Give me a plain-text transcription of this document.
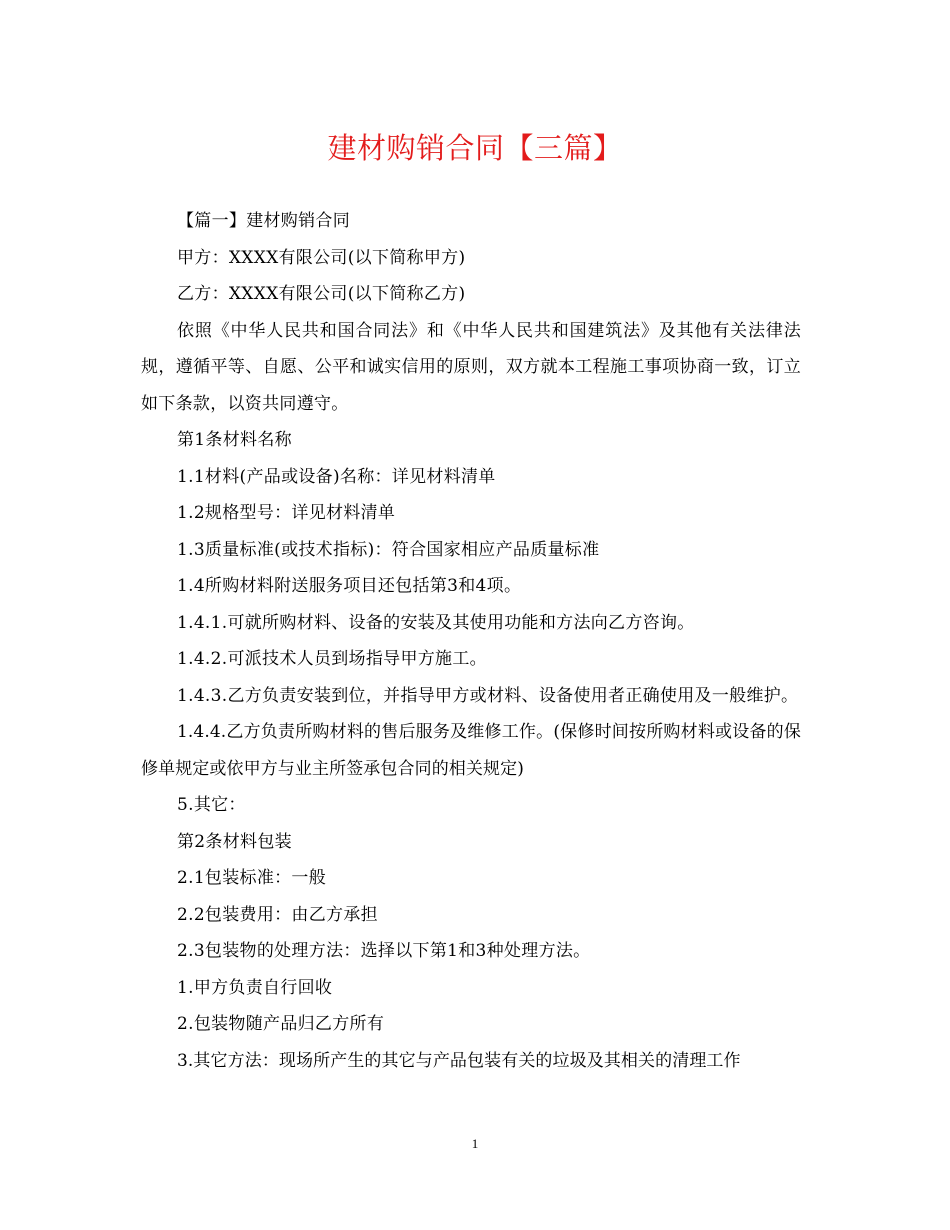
建材购销合同【三篇】

【篇一】建材购销合同

甲方：XXXX有限公司(以下简称甲方)

乙方：XXXX有限公司(以下简称乙方)

依照《中华人民共和国合同法》和《中华人民共和国建筑法》及其他有关法律法规，遵循平等、自愿、公平和诚实信用的原则，双方就本工程施工事项协商一致，订立如下条款，以资共同遵守。

第1条材料名称

1.1材料(产品或设备)名称：详见材料清单

1.2规格型号：详见材料清单

1.3质量标准(或技术指标)：符合国家相应产品质量标准

1.4所购材料附送服务项目还包括第3和4项。

1.4.1.可就所购材料、设备的安装及其使用功能和方法向乙方咨询。

1.4.2.可派技术人员到场指导甲方施工。

1.4.3.乙方负责安装到位，并指导甲方或材料、设备使用者正确使用及一般维护。

1.4.4.乙方负责所购材料的售后服务及维修工作。(保修时间按所购材料或设备的保修单规定或依甲方与业主所签承包合同的相关规定)

5.其它：

第2条材料包装

2.1包装标准：一般

2.2包装费用：由乙方承担

2.3包装物的处理方法：选择以下第1和3种处理方法。

1.甲方负责自行回收

2.包装物随产品归乙方所有

3.其它方法：现场所产生的其它与产品包装有关的垃圾及其相关的清理工作

1
